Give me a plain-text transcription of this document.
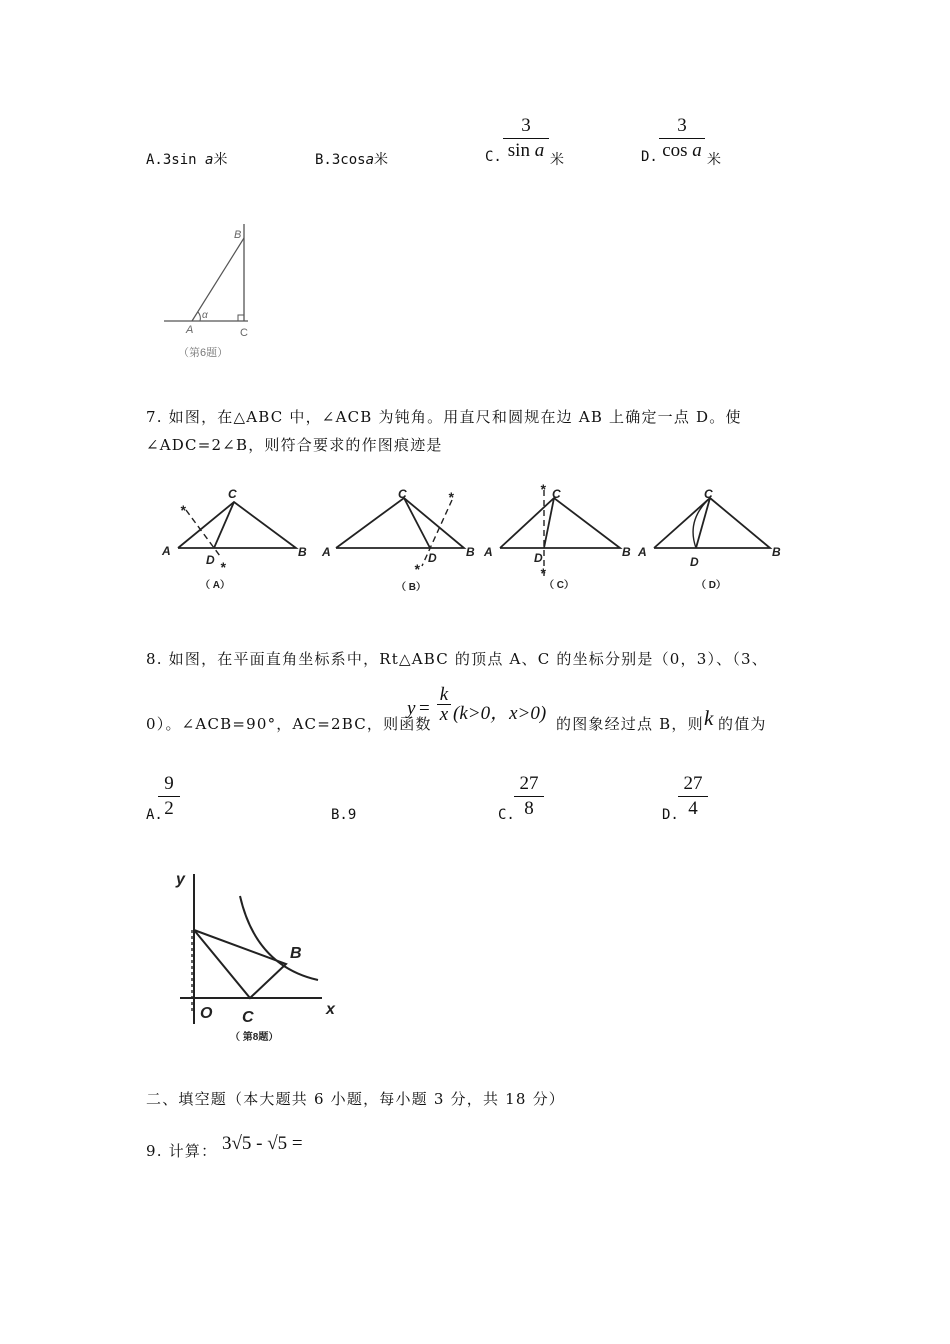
A.3sin a米	B.3cosa米	C.
3
sin a 米	D.
3
cos a 米
B
A	C
α
（第6题）
7. 如图，在△ABC 中，∠ACB 为钝角。用直尺和圆规在边 AB 上确定一点 D。使
∠ADC=2∠B，则符合要求的作图痕迹是
*
*
*
*
*
*
A	B
C
D
A	B
C
D	A	B
C
D	A	B
C
D
（ A）	（ B）	（ C）	（ D）
8. 如图，在平面直角坐标系中，Rt△ABC 的顶点 A、C 的坐标分别是（0，3）、（3、
0）。∠ACB=90°，AC=2BC，则函数
y =
k
x (k>0，x>0) 的图象经过点 B，则 k 的值为
A.
9
2	B.9	C.
27
8	D.
27
4
y
x
O C
B
（ 第8题）
二、填空题（本大题共 6 小题，每小题 3 分，共 18 分）
9. 计算： 3√5 - √5 =
